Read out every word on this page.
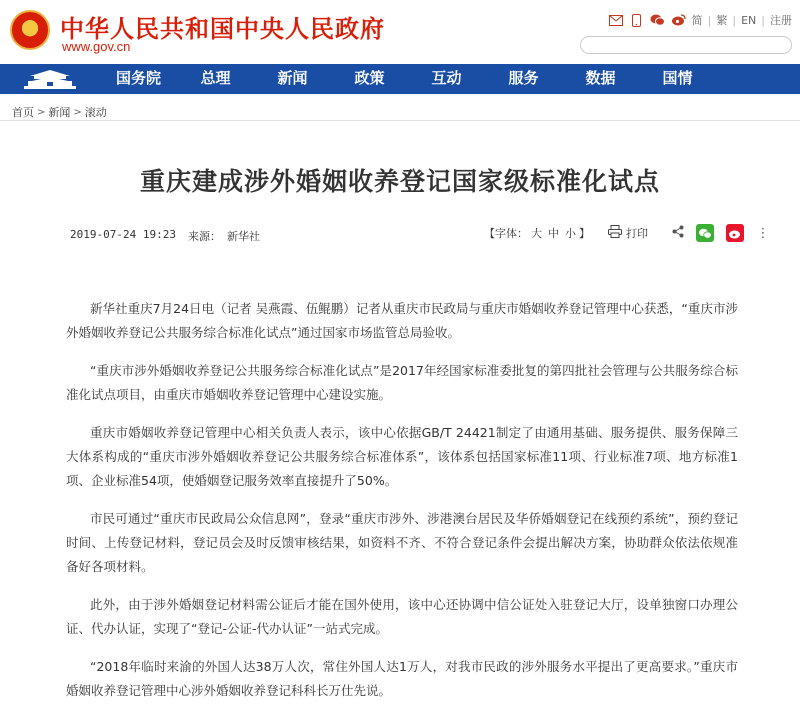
★	中华人民共和国中央人民政府
www.gov.cn
简 | 繁 | EN | 注册
国务院	总理	新闻	政策	互动	服务	数据	国情
首页 > 新闻 > 滚动
重庆建成涉外婚姻收养登记国家级标准化试点
2019-07-24 19:23 来源： 新华社	【字体： 大 中 小 】	打印	⋮

新华社重庆7月24日电（记者 吴燕霞、伍鲲鹏）记者从重庆市民政局与重庆市婚姻收养登记管理中心获悉，“重庆市涉外婚姻收养登记公共服务综合标准化试点”通过国家市场监管总局验收。

“重庆市涉外婚姻收养登记公共服务综合标准化试点”是2017年经国家标准委批复的第四批社会管理与公共服务综合标准化试点项目，由重庆市婚姻收养登记管理中心建设实施。

重庆市婚姻收养登记管理中心相关负责人表示，该中心依据GB/T 24421制定了由通用基础、服务提供、服务保障三大体系构成的“重庆市涉外婚姻收养登记公共服务综合标准体系”，该体系包括国家标准11项、行业标准7项、地方标准1项、企业标准54项，使婚姻登记服务效率直接提升了50%。

市民可通过“重庆市民政局公众信息网”，登录“重庆市涉外、涉港澳台居民及华侨婚姻登记在线预约系统”，预约登记时间、上传登记材料，登记员会及时反馈审核结果，如资料不齐、不符合登记条件会提出解决方案，协助群众依法依规准备好各项材料。

此外，由于涉外婚姻登记材料需公证后才能在国外使用，该中心还协调中信公证处入驻登记大厅，设单独窗口办理公证、代办认证，实现了“登记-公证-代办认证”一站式完成。

“2018年临时来渝的外国人达38万人次，常住外国人达1万人，对我市民政的涉外服务水平提出了更高要求。”重庆市婚姻收养登记管理中心涉外婚姻收养登记科科长万仕先说。
